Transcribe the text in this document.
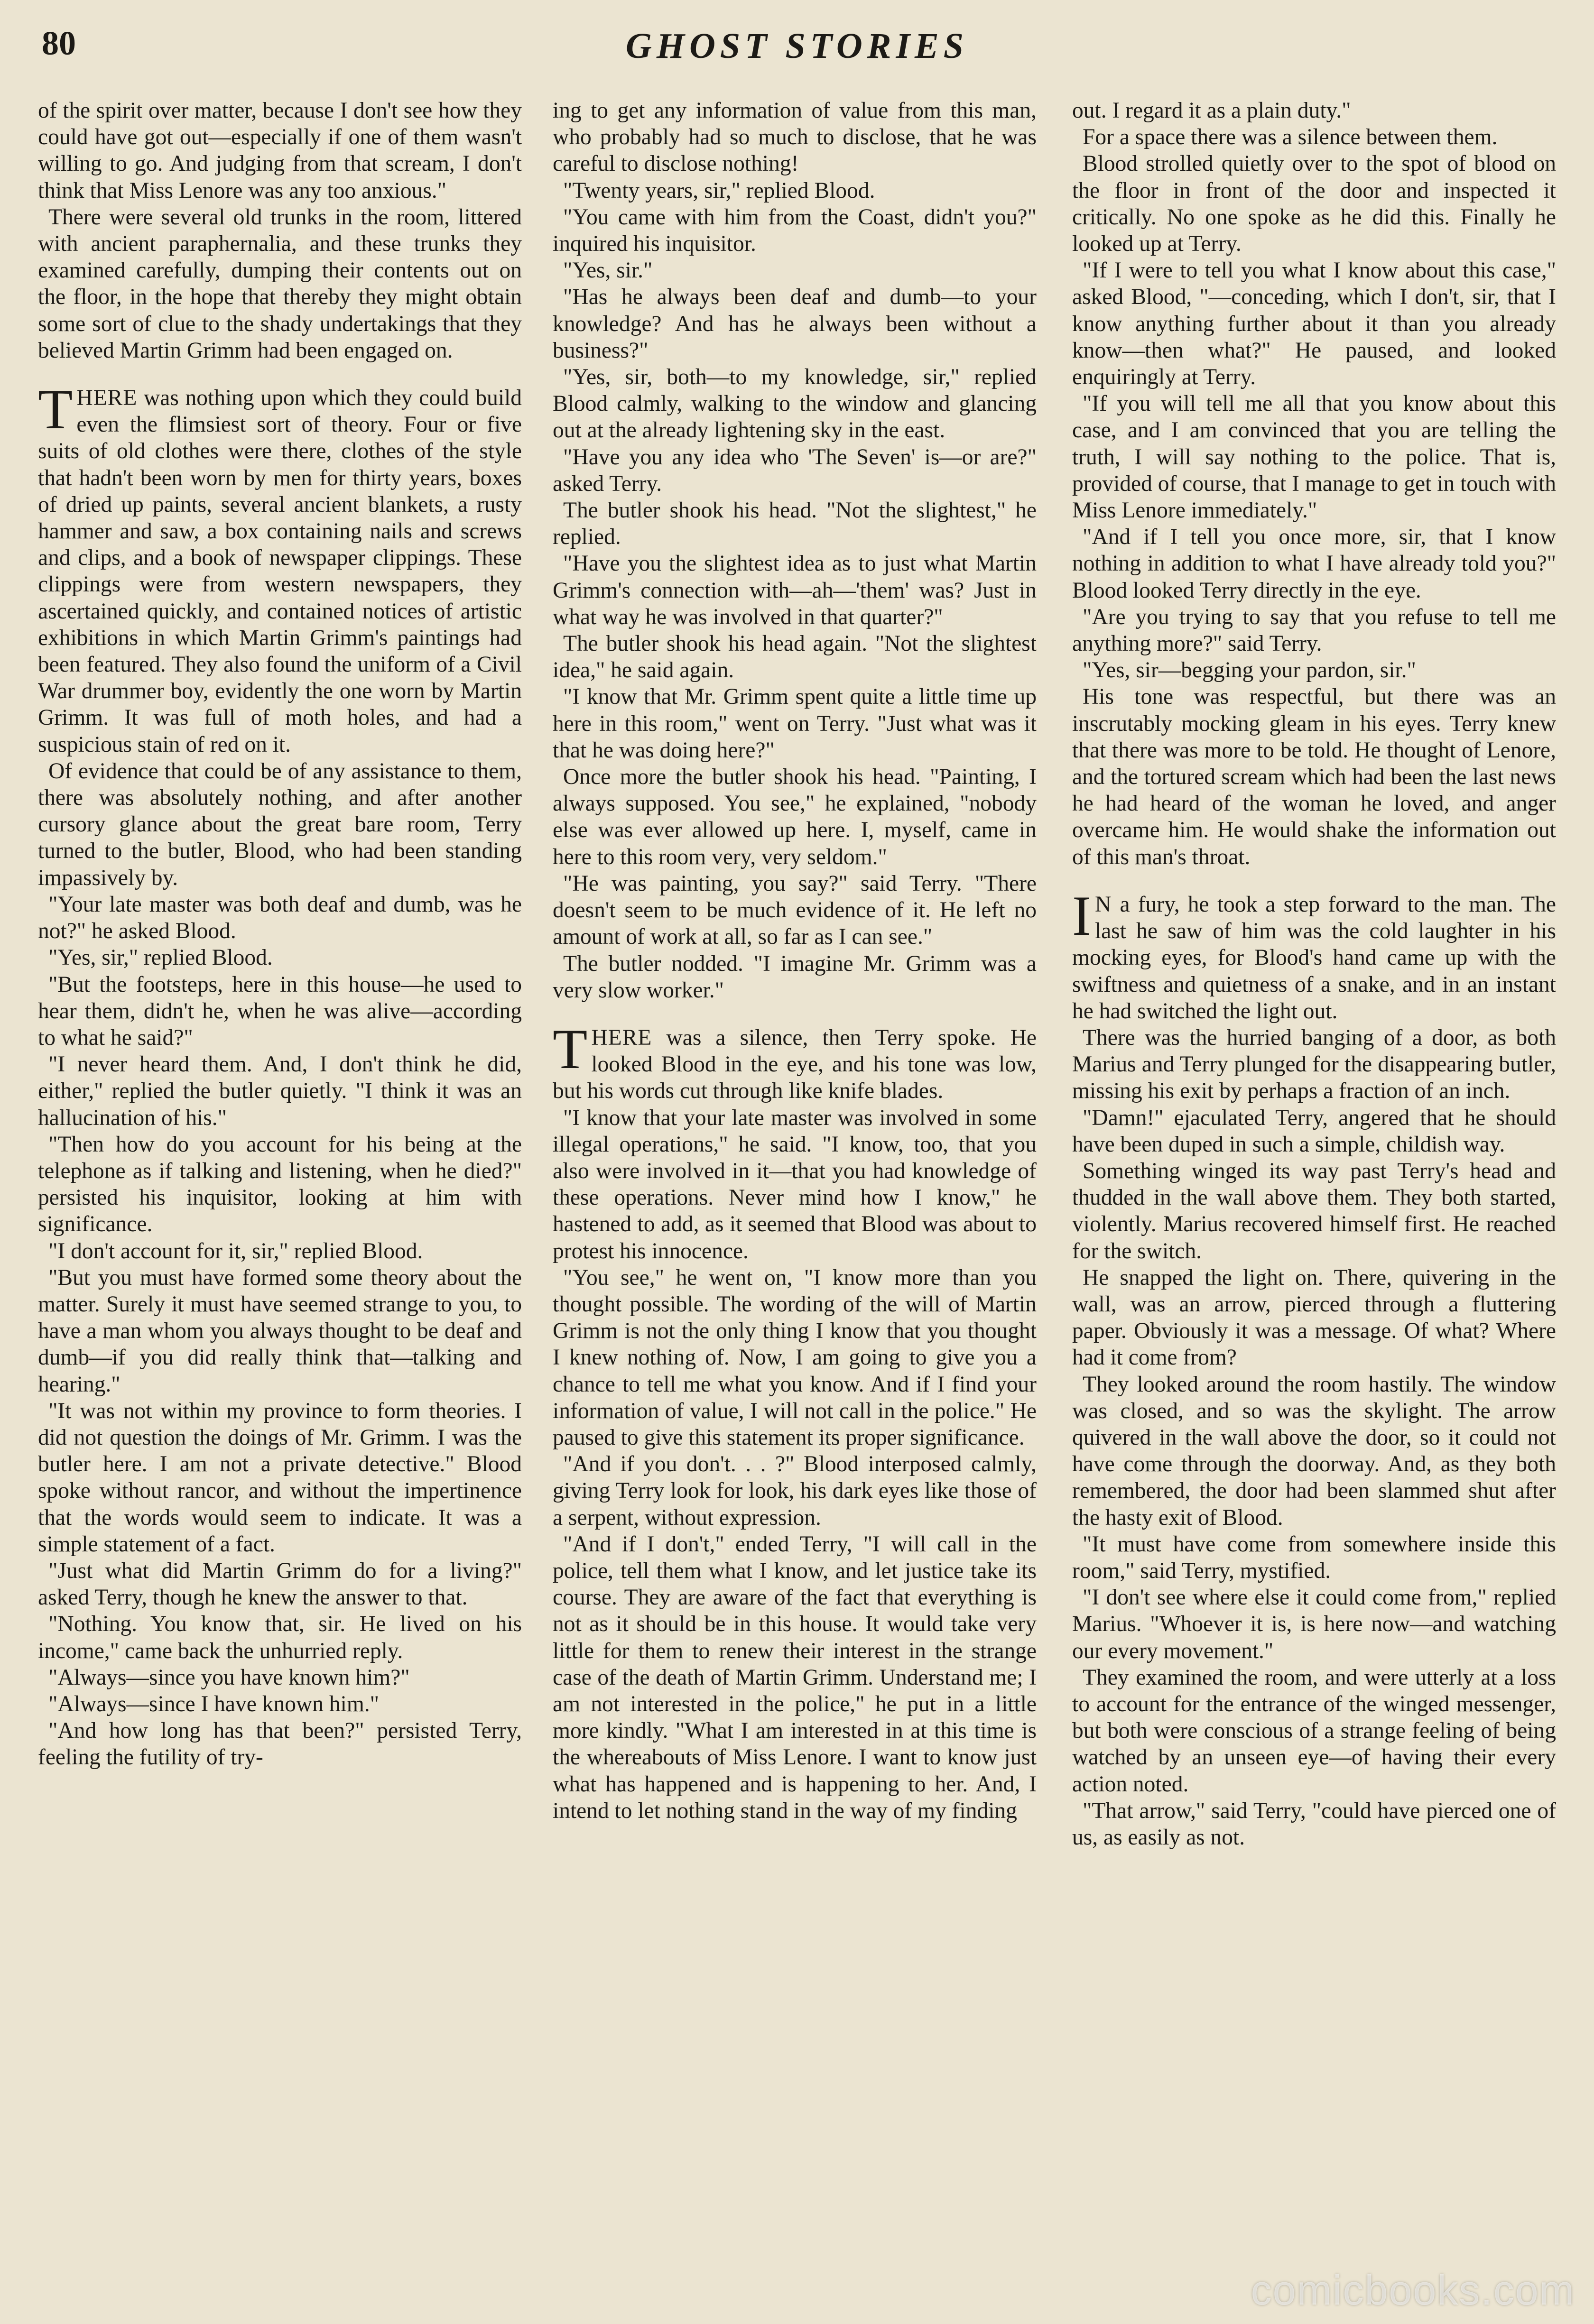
80	GHOST STORIES

of the spirit over matter, because I don't see how they could have got out—especially if one of them wasn't willing to go. And judging from that scream, I don't think that Miss Lenore was any too anxious."

There were several old trunks in the room, littered with ancient paraphernalia, and these trunks they examined carefully, dumping their contents out on the floor, in the hope that thereby they might obtain some sort of clue to the shady undertakings that they believed Martin Grimm had been engaged on.

THERE was nothing upon which they could build even the flimsiest sort of theory. Four or five suits of old clothes were there, clothes of the style that hadn't been worn by men for thirty years, boxes of dried up paints, several ancient blankets, a rusty hammer and saw, a box containing nails and screws and clips, and a book of newspaper clippings. These clippings were from western newspapers, they ascertained quickly, and contained notices of artistic exhibitions in which Martin Grimm's paintings had been featured. They also found the uniform of a Civil War drummer boy, evidently the one worn by Martin Grimm. It was full of moth holes, and had a suspicious stain of red on it.

Of evidence that could be of any assistance to them, there was absolutely nothing, and after another cursory glance about the great bare room, Terry turned to the butler, Blood, who had been standing impassively by.

"Your late master was both deaf and dumb, was he not?" he asked Blood.

"Yes, sir," replied Blood.

"But the footsteps, here in this house—he used to hear them, didn't he, when he was alive—according to what he said?"

"I never heard them. And, I don't think he did, either," replied the butler quietly. "I think it was an hallucination of his."

"Then how do you account for his being at the telephone as if talking and listening, when he died?" persisted his inquisitor, looking at him with significance.

"I don't account for it, sir," replied Blood.

"But you must have formed some theory about the matter. Surely it must have seemed strange to you, to have a man whom you always thought to be deaf and dumb—if you did really think that—talking and hearing."

"It was not within my province to form theories. I did not question the doings of Mr. Grimm. I was the butler here. I am not a private detective." Blood spoke without rancor, and without the impertinence that the words would seem to indicate. It was a simple statement of a fact.

"Just what did Martin Grimm do for a living?" asked Terry, though he knew the answer to that.

"Nothing. You know that, sir. He lived on his income," came back the unhurried reply.

"Always—since you have known him?"

"Always—since I have known him."

"And how long has that been?" persisted Terry, feeling the futility of try-

ing to get any information of value from this man, who probably had so much to disclose, that he was careful to disclose nothing!

"Twenty years, sir," replied Blood.

"You came with him from the Coast, didn't you?" inquired his inquisitor.

"Yes, sir."

"Has he always been deaf and dumb—to your knowledge? And has he always been without a business?"

"Yes, sir, both—to my knowledge, sir," replied Blood calmly, walking to the window and glancing out at the already lightening sky in the east.

"Have you any idea who 'The Seven' is—or are?" asked Terry.

The butler shook his head. "Not the slightest," he replied.

"Have you the slightest idea as to just what Martin Grimm's connection with—ah—'them' was? Just in what way he was involved in that quarter?"

The butler shook his head again. "Not the slightest idea," he said again.

"I know that Mr. Grimm spent quite a little time up here in this room," went on Terry. "Just what was it that he was doing here?"

Once more the butler shook his head. "Painting, I always supposed. You see," he explained, "nobody else was ever allowed up here. I, myself, came in here to this room very, very seldom."

"He was painting, you say?" said Terry. "There doesn't seem to be much evidence of it. He left no amount of work at all, so far as I can see."

The butler nodded. "I imagine Mr. Grimm was a very slow worker."

THERE was a silence, then Terry spoke. He looked Blood in the eye, and his tone was low, but his words cut through like knife blades.

"I know that your late master was involved in some illegal operations," he said. "I know, too, that you also were involved in it—that you had knowledge of these operations. Never mind how I know," he hastened to add, as it seemed that Blood was about to protest his innocence.

"You see," he went on, "I know more than you thought possible. The wording of the will of Martin Grimm is not the only thing I know that you thought I knew nothing of. Now, I am going to give you a chance to tell me what you know. And if I find your information of value, I will not call in the police." He paused to give this statement its proper significance.

"And if you don't. . . ?" Blood interposed calmly, giving Terry look for look, his dark eyes like those of a serpent, without expression.

"And if I don't," ended Terry, "I will call in the police, tell them what I know, and let justice take its course. They are aware of the fact that everything is not as it should be in this house. It would take very little for them to renew their interest in the strange case of the death of Martin Grimm. Understand me; I am not interested in the police," he put in a little more kindly. "What I am interested in at this time is the whereabouts of Miss Lenore. I want to know just what has happened and is happening to her. And, I intend to let nothing stand in the way of my finding

out. I regard it as a plain duty."

For a space there was a silence between them.

Blood strolled quietly over to the spot of blood on the floor in front of the door and inspected it critically. No one spoke as he did this. Finally he looked up at Terry.

"If I were to tell you what I know about this case," asked Blood, "—conceding, which I don't, sir, that I know anything further about it than you already know—then what?" He paused, and looked enquiringly at Terry.

"If you will tell me all that you know about this case, and I am convinced that you are telling the truth, I will say nothing to the police. That is, provided of course, that I manage to get in touch with Miss Lenore immediately."

"And if I tell you once more, sir, that I know nothing in addition to what I have already told you?" Blood looked Terry directly in the eye.

"Are you trying to say that you refuse to tell me anything more?" said Terry.

"Yes, sir—begging your pardon, sir."

His tone was respectful, but there was an inscrutably mocking gleam in his eyes. Terry knew that there was more to be told. He thought of Lenore, and the tortured scream which had been the last news he had heard of the woman he loved, and anger overcame him. He would shake the information out of this man's throat.

I N a fury, he took a step forward to the man. The last he saw of him was the cold laughter in his mocking eyes, for Blood's hand came up with the swiftness and quietness of a snake, and in an instant he had switched the light out.

There was the hurried banging of a door, as both Marius and Terry plunged for the disappearing butler, missing his exit by perhaps a fraction of an inch.

"Damn!" ejaculated Terry, angered that he should have been duped in such a simple, childish way.

Something winged its way past Terry's head and thudded in the wall above them. They both started, violently. Marius recovered himself first. He reached for the switch.

He snapped the light on. There, quivering in the wall, was an arrow, pierced through a fluttering paper. Obviously it was a message. Of what? Where had it come from?

They looked around the room hastily. The window was closed, and so was the skylight. The arrow quivered in the wall above the door, so it could not have come through the doorway. And, as they both remembered, the door had been slammed shut after the hasty exit of Blood.

"It must have come from somewhere inside this room," said Terry, mystified.

"I don't see where else it could come from," replied Marius. "Whoever it is, is here now—and watching our every movement."

They examined the room, and were utterly at a loss to account for the entrance of the winged messenger, but both were conscious of a strange feeling of being watched by an unseen eye—of having their every action noted.

"That arrow," said Terry, "could have pierced one of us, as easily as not.

comicbooks.com
